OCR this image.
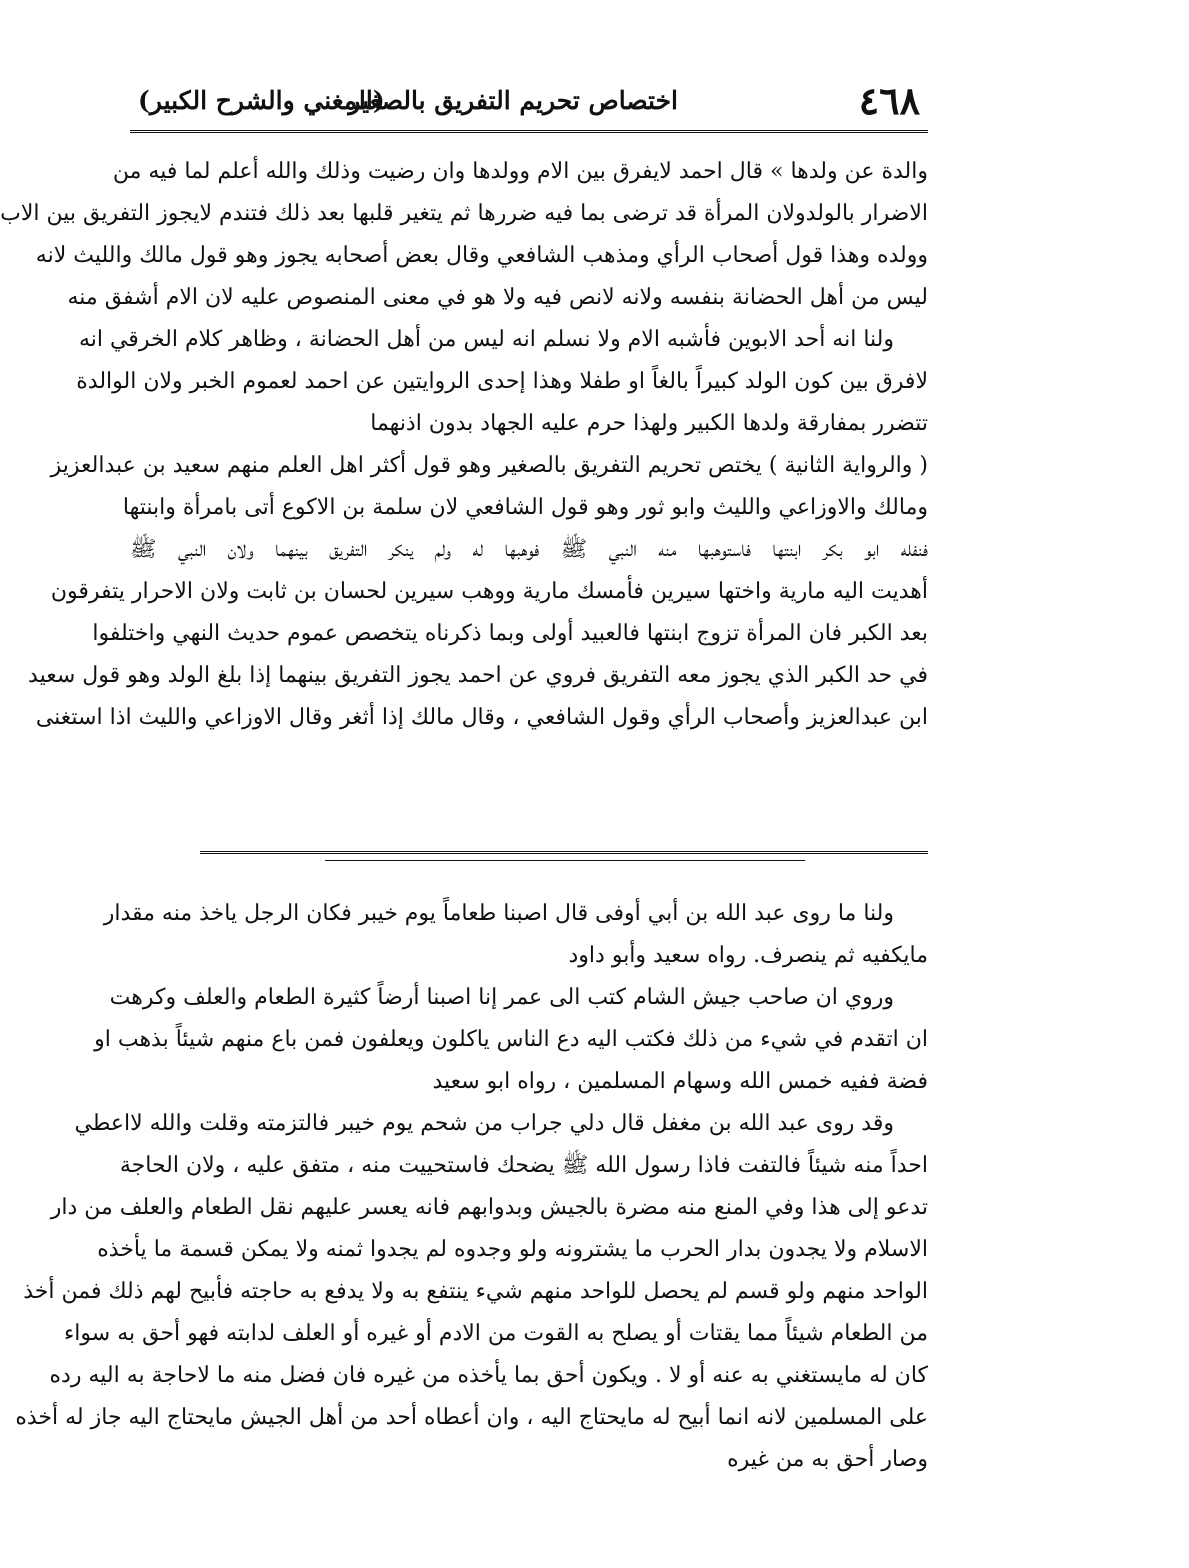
٤٦٨
اختصاص تحريم التفريق بالصغير
(المغني والشرح الكبير)
والدة عن ولدها » قال احمد لايفرق بين الام وولدها وان رضيت وذلك والله أعلم لما فيه من
الاضرار بالولدولان المرأة قد ترضى بما فيه ضررها ثم يتغير قلبها بعد ذلك فتندم لايجوز التفريق بين الاب
وولده وهذا قول أصحاب الرأي ومذهب الشافعي وقال بعض أصحابه يجوز وهو قول مالك والليث لانه
ليس من أهل الحضانة بنفسه ولانه لانص فيه ولا هو في معنى المنصوص عليه لان الام أشفق منه
ولنا انه أحد الابوين فأشبه الام ولا نسلم انه ليس من أهل الحضانة ، وظاهر كلام الخرقي انه
لافرق بين كون الولد كبيراً بالغاً او طفلا وهذا إحدى الروايتين عن احمد لعموم الخبر ولان الوالدة
تتضرر بمفارقة ولدها الكبير ولهذا حرم عليه الجهاد بدون اذنهما
( والرواية الثانية ) يختص تحريم التفريق بالصغير وهو قول أكثر اهل العلم منهم سعيد بن عبدالعزيز
ومالك والاوزاعي والليث وابو ثور وهو قول الشافعي لان سلمة بن الاكوع أتى بامرأة وابنتها
فنفله ابو بكر ابنتها فاستوهبها منه النبي ﷺ فوهبها له ولم ينكر التفريق بينهما ولان النبي ﷺ
أهديت اليه مارية واختها سيرين فأمسك مارية ووهب سيرين لحسان بن ثابت ولان الاحرار يتفرقون
بعد الكبر فان المرأة تزوج ابنتها فالعبيد أولى وبما ذكرناه يتخصص عموم حديث النهي واختلفوا
في حد الكبر الذي يجوز معه التفريق فروي عن احمد يجوز التفريق بينهما إذا بلغ الولد وهو قول سعيد
ابن عبدالعزيز وأصحاب الرأي وقول الشافعي ، وقال مالك إذا أثغر وقال الاوزاعي والليث اذا استغنى
ولنا ما روى عبد الله بن أبي أوفى قال اصبنا طعاماً يوم خيبر فكان الرجل ياخذ منه مقدار
مايكفيه ثم ينصرف. رواه سعيد وأبو داود
وروي ان صاحب جيش الشام كتب الى عمر إنا اصبنا أرضاً كثيرة الطعام والعلف وكرهت
ان اتقدم في شيء من ذلك فكتب اليه دع الناس ياكلون ويعلفون فمن باع منهم شيئاً بذهب او
فضة ففيه خمس الله وسهام المسلمين ، رواه ابو سعيد
وقد روى عبد الله بن مغفل قال دلي جراب من شحم يوم خيبر فالتزمته وقلت والله لااعطي
احداً منه شيئاً فالتفت فاذا رسول الله ﷺ يضحك فاستحييت منه ، متفق عليه ، ولان الحاجة
تدعو إلى هذا وفي المنع منه مضرة بالجيش وبدوابهم فانه يعسر عليهم نقل الطعام والعلف من دار
الاسلام ولا يجدون بدار الحرب ما يشترونه ولو وجدوه لم يجدوا ثمنه ولا يمكن قسمة ما يأخذه
الواحد منهم ولو قسم لم يحصل للواحد منهم شيء ينتفع به ولا يدفع به حاجته فأبيح لهم ذلك فمن أخذ
من الطعام شيئاً مما يقتات أو يصلح به القوت من الادم أو غيره أو العلف لدابته فهو أحق به سواء
كان له مايستغني به عنه أو لا . ويكون أحق بما يأخذه من غيره فان فضل منه ما لاحاجة به اليه رده
على المسلمين لانه انما أبيح له مايحتاج اليه ، وان أعطاه أحد من أهل الجيش مايحتاج اليه جاز له أخذه
وصار أحق به من غيره
